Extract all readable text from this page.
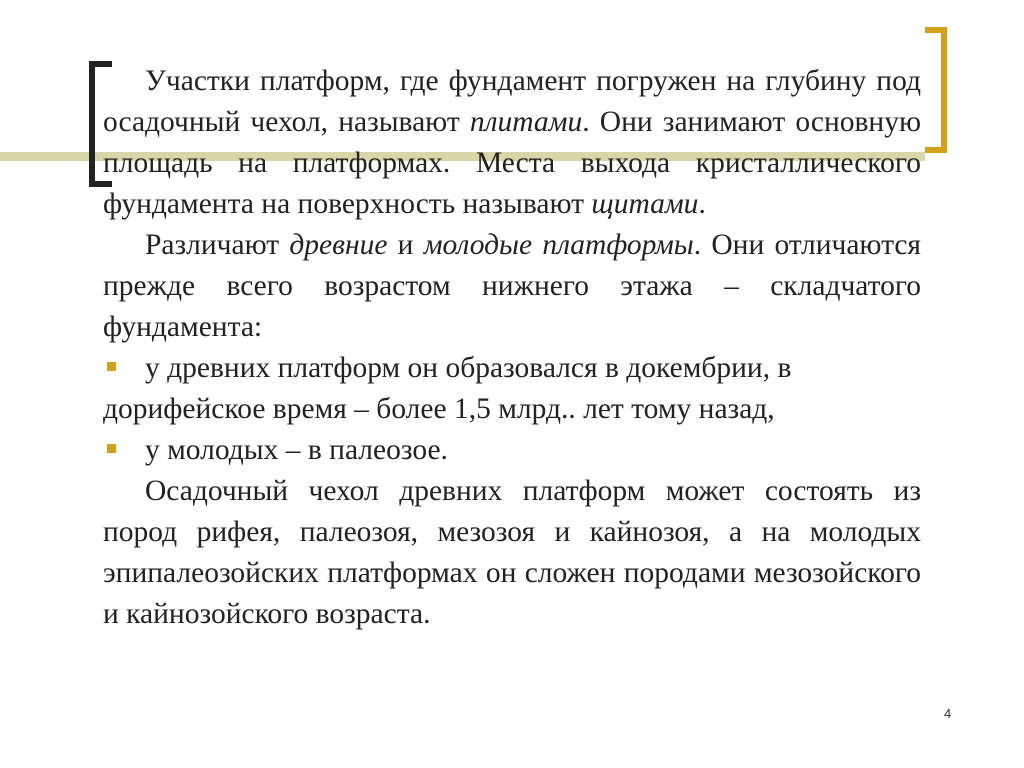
Участки платформ, где фундамент погружен на глубину под осадочный чехол, называют плитами. Они занимают основную площадь на платформах. Места выхода кристаллического фундамента на поверхность называют щитами.

Различают древние и молодые платформы. Они отличаются прежде всего возрастом нижнего этажа – складчатого фундамента:

у древних платформ он образовался в докембрии, в
дорифейское время – более 1,5 млрд.. лет тому назад,
у молодых – в палеозое.

Осадочный чехол древних платформ может состоять из пород рифея, палеозоя, мезозоя и кайнозоя, а на молодых эпипалеозойских платформах он сложен породами мезозойского и кайнозойского возраста.

4
